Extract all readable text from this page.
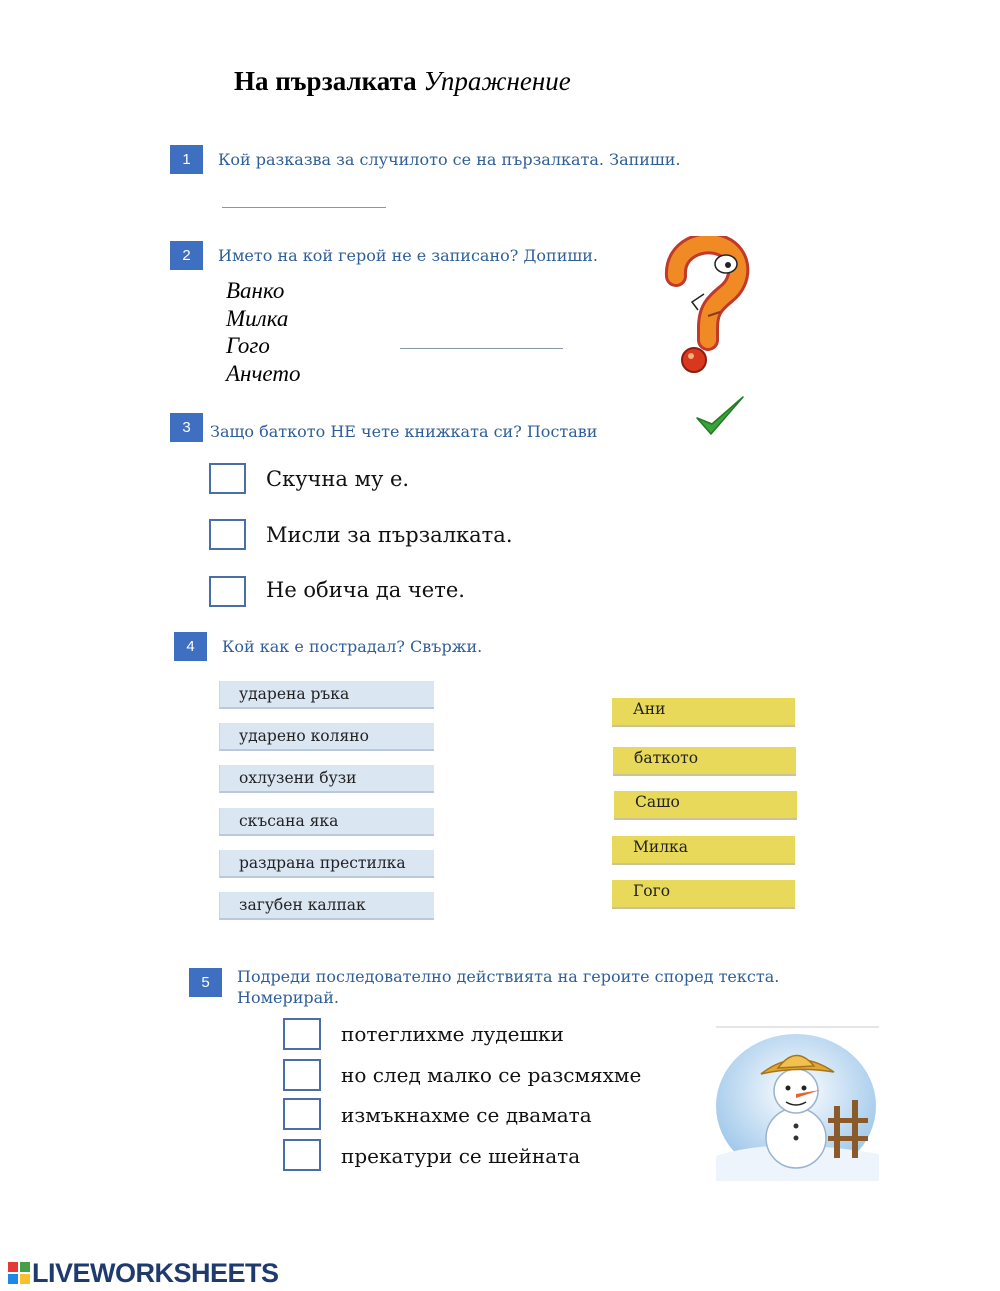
На пързалката Упражнение
1	Кой разказва за случилото се на пързалката. Запиши.
2	Името на кой герой не е записано? Допиши.
Ванко
Милка
Гого
Анчето
3	Защо баткото НЕ чете книжката си? Постави
Скучна му е.
Мисли за пързалката.
Не обича да чете.
4	Кой как е пострадал? Свържи.
ударена ръка
ударено коляно
охлузени бузи
скъсана яка
раздрана престилка
загубен калпак
Ани
баткото
Сашо
Милка
Гого
5	Подреди последователно действията на героите според текста.
Номерирай.
потеглихме лудешки
но след малко се разсмяхме
измъкнахме се двамата
прекатури се шейната
LIVEWORKSHEETS
